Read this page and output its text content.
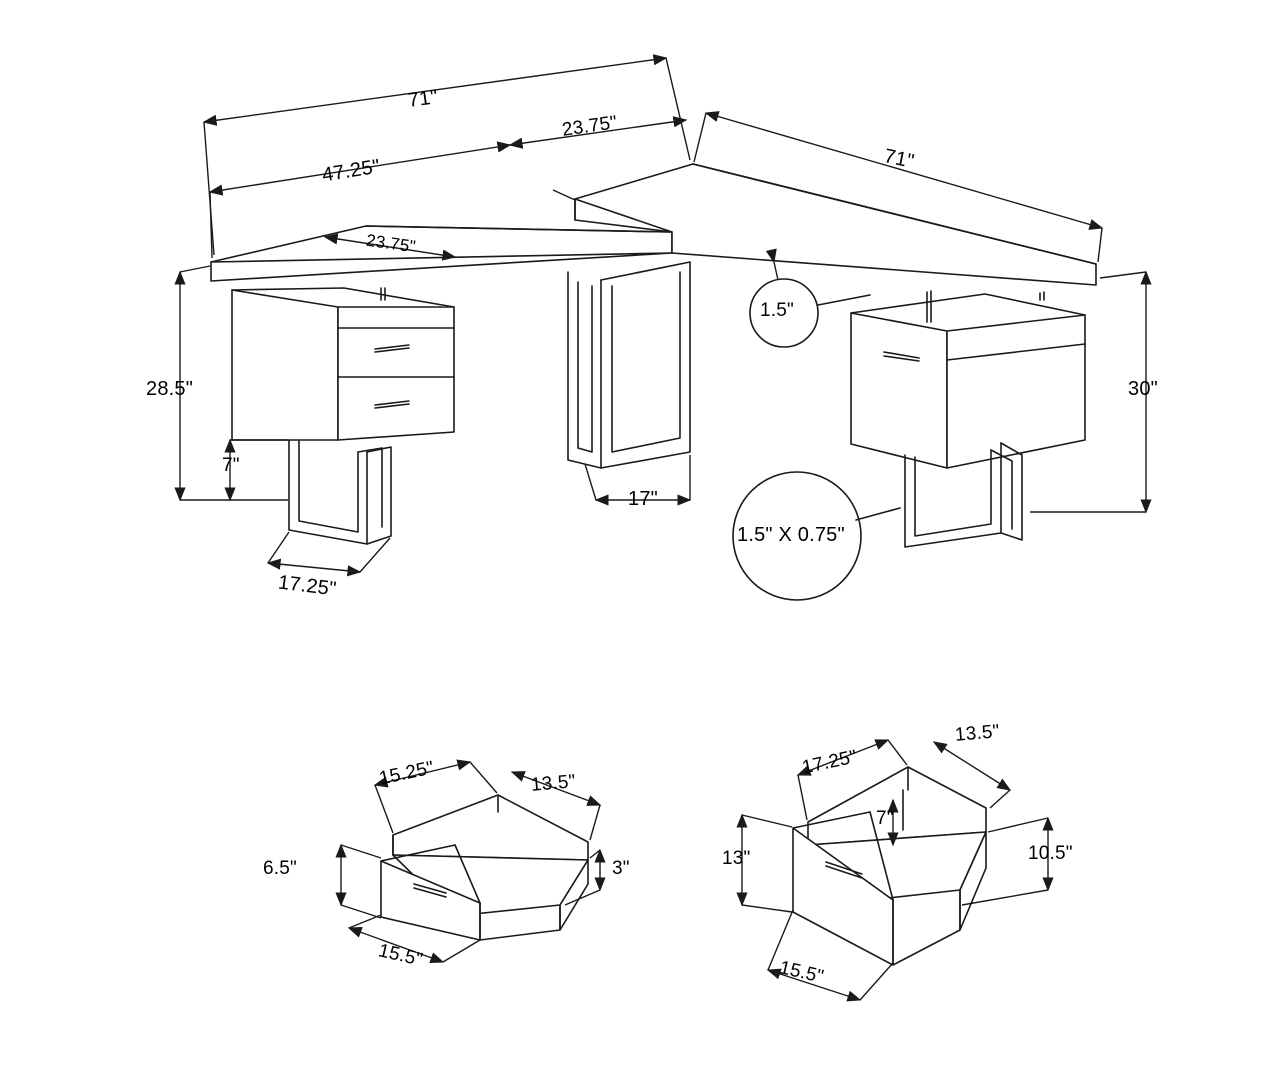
71"
47.25"
23.75"
71"
23.75"
28.5"	30"
7"
17.25"
17"
1.5"
1.5" X 0.75"
15.25"	13.5"
6.5"	3"
15.5"
17.25"
13.5"
13"
7"
10.5"
15.5"
